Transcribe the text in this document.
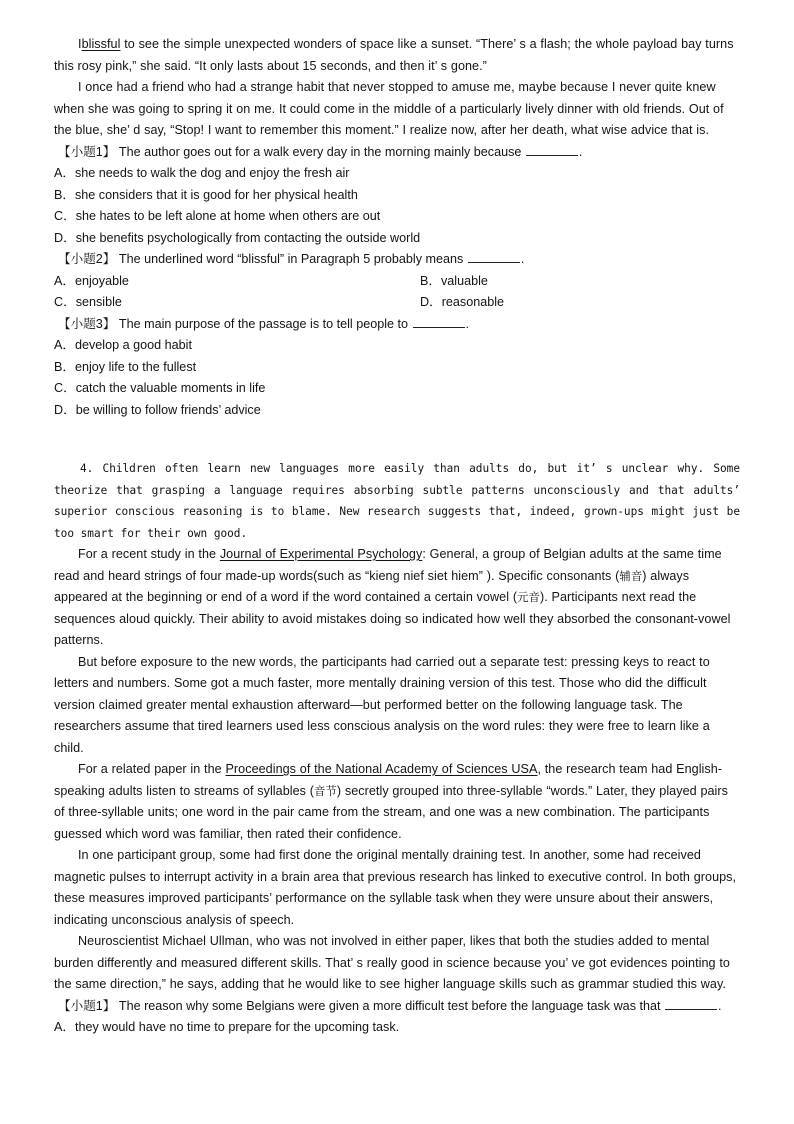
Iblissful to see the simple unexpected wonders of space like a sunset. “There’ s a flash; the whole payload bay turns this rosy pink,” she said. “It only lasts about 15 seconds, and then it’ s gone.”

I once had a friend who had a strange habit that never stopped to amuse me, maybe because I never quite knew when she was going to spring it on me. It could come in the middle of a particularly lively dinner with old friends. Out of the blue, she’ d say, “Stop! I want to remember this moment.” I realize now, after her death, what wise advice that is.

【小题1】 The author goes out for a walk every day in the morning mainly because	.
A．she needs to walk the dog and enjoy the fresh air
B．she considers that it is good for her physical health
C．she hates to be left alone at home when others are out
D．she benefits psychologically from contacting the outside world
【小题2】 The underlined word “blissful” in Paragraph 5 probably means	.
A．enjoyable	B．valuable
C．sensible	D．reasonable
【小题3】 The main purpose of the passage is to tell people to	.
A．develop a good habit
B．enjoy life to the fullest
C．catch the valuable moments in life
D．be willing to follow friends’ advice

4. Children often learn new languages more easily than adults do, but it’ s unclear why. Some theorize that grasping a language requires absorbing subtle patterns unconsciously and that adults’ superior conscious reasoning is to blame. New research suggests that, indeed, grown-ups might just be too smart for their own good.

For a recent study in the Journal of Experimental Psychology: General, a group of Belgian adults at the same time read and heard strings of four made-up words(such as “kieng nief siet hiem” ). Specific consonants (辅音) always appeared at the beginning or end of a word if the word contained a certain vowel (元音). Participants next read the sequences aloud quickly. Their ability to avoid mistakes doing so indicated how well they absorbed the consonant-vowel patterns.

But before exposure to the new words, the participants had carried out a separate test: pressing keys to react to letters and numbers. Some got a much faster, more mentally draining version of this test. Those who did the difficult version claimed greater mental exhaustion afterward—but performed better on the following language task. The researchers assume that tired learners used less conscious analysis on the word rules: they were free to learn like a child.

For a related paper in the Proceedings of the National Academy of Sciences USA, the research team had English-speaking adults listen to streams of syllables (音节) secretly grouped into three-syllable “words.” Later, they played pairs of three-syllable units; one word in the pair came from the stream, and one was a new combination. The participants guessed which word was familiar, then rated their confidence.

In one participant group, some had first done the original mentally draining test. In another, some had received magnetic pulses to interrupt activity in a brain area that previous research has linked to executive control. In both groups, these measures improved participants’ performance on the syllable task when they were unsure about their answers, indicating unconscious analysis of speech.

Neuroscientist Michael Ullman, who was not involved in either paper, likes that both the studies added to mental burden differently and measured different skills. That’ s really good in science because you’ ve got evidences pointing to the same direction,” he says, adding that he would like to see higher language skills such as grammar studied this way.

【小题1】 The reason why some Belgians were given a more difficult test before the language task was that	.
A．they would have no time to prepare for the upcoming task.
